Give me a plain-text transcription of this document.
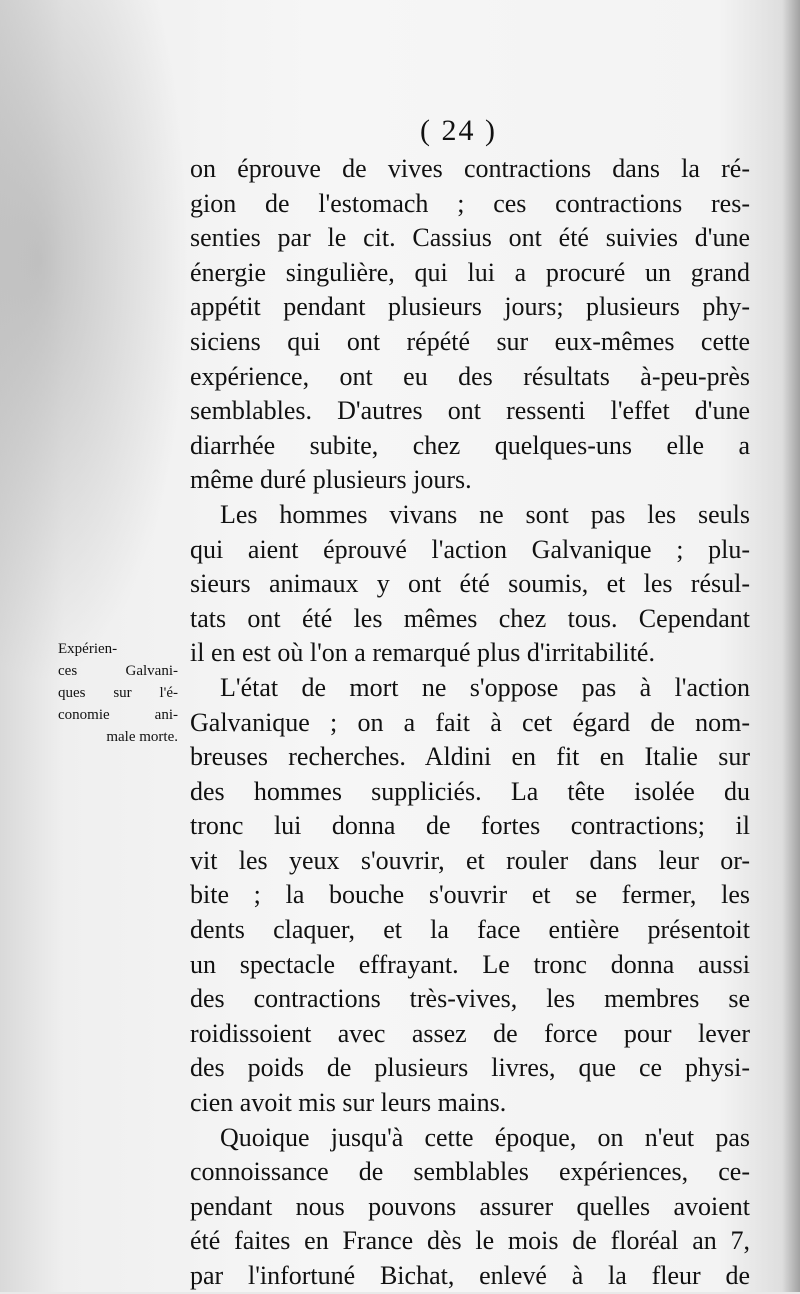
( 24 )
on éprouve de vives contractions dans la ré-
gion de l'estomach ; ces contractions res-
senties par le cit. Cassius ont été suivies d'une
énergie singulière, qui lui a procuré un grand
appétit pendant plusieurs jours; plusieurs phy-
siciens qui ont répété sur eux-mêmes cette
expérience, ont eu des résultats à-peu-près
semblables. D'autres ont ressenti l'effet d'une
diarrhée subite, chez quelques-uns elle a
même duré plusieurs jours.
Les hommes vivans ne sont pas les seuls
qui aient éprouvé l'action Galvanique ; plu-
sieurs animaux y ont été soumis, et les résul-
tats ont été les mêmes chez tous. Cependant
il en est où l'on a remarqué plus d'irritabilité.
L'état de mort ne s'oppose pas à l'action
Galvanique ; on a fait à cet égard de nom-
breuses recherches. Aldini en fit en Italie sur
des hommes suppliciés. La tête isolée du
tronc lui donna de fortes contractions; il
vit les yeux s'ouvrir, et rouler dans leur or-
bite ; la bouche s'ouvrir et se fermer, les
dents claquer, et la face entière présentoit
un spectacle effrayant. Le tronc donna aussi
des contractions très-vives, les membres se
roidissoient avec assez de force pour lever
des poids de plusieurs livres, que ce physi-
cien avoit mis sur leurs mains.
Quoique jusqu'à cette époque, on n'eut pas
connoissance de semblables expériences, ce-
pendant nous pouvons assurer quelles avoient
été faites en France dès le mois de floréal an 7,
par l'infortuné Bichat, enlevé à la fleur de
Expérien-
ces Galvani-
ques sur l'é-
conomie ani-
male morte.
